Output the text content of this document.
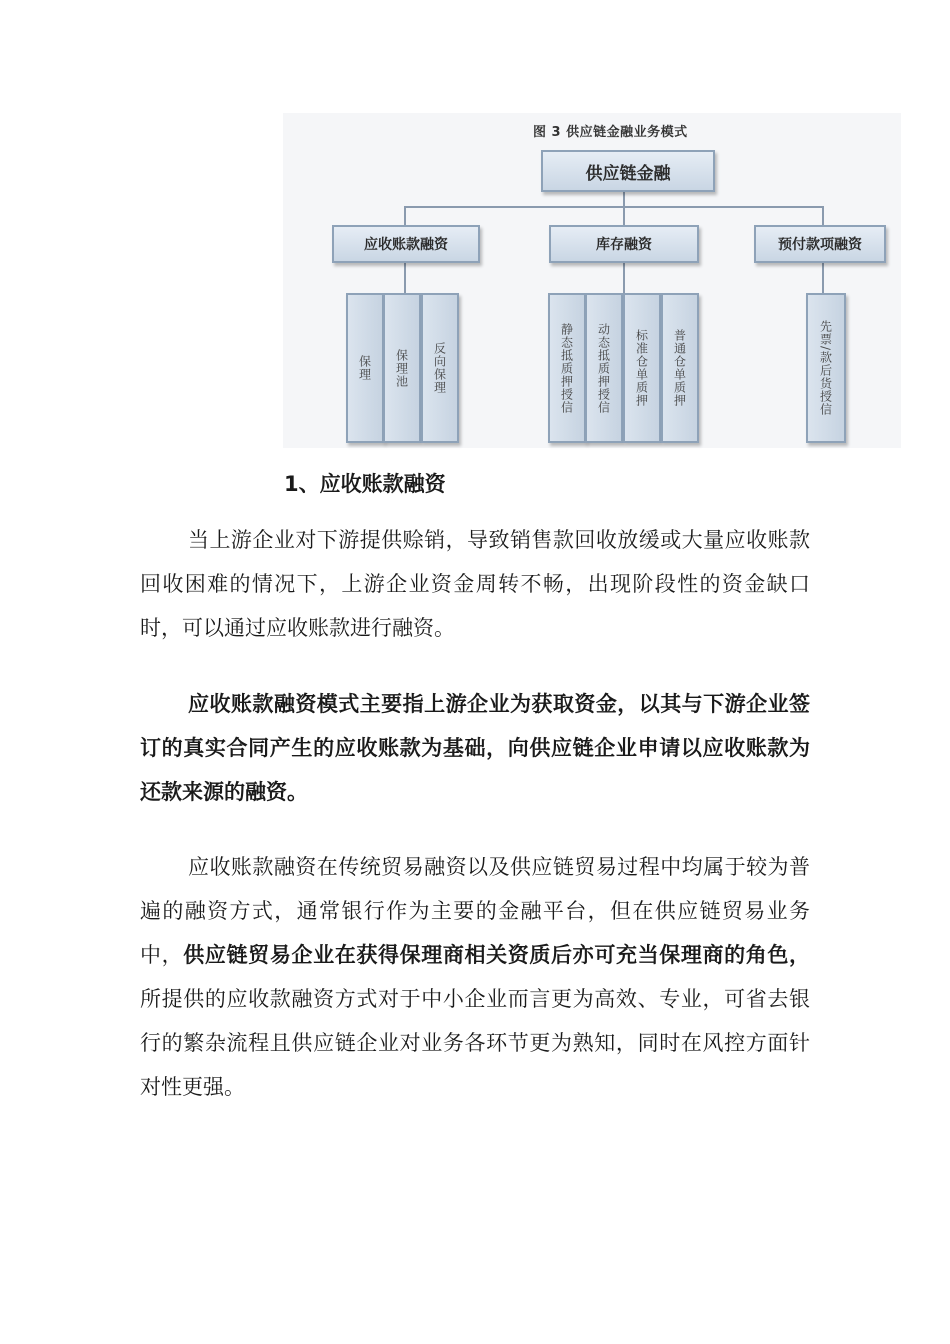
图 3 供应链金融业务模式
供应链金融
应收账款融资	库存融资	预付款项融资
保理 保理池 反向保理	静态抵质押授信 动态抵质押授信 标准仓单质押 普通仓单质押	先票/款后货授信
1、应收账款融资

当上游企业对下游提供赊销，导致销售款回收放缓或大量应收账款回收困难的情况下，上游企业资金周转不畅，出现阶段性的资金缺口时，可以通过应收账款进行融资。

应收账款融资模式主要指上游企业为获取资金，以其与下游企业签订的真实合同产生的应收账款为基础，向供应链企业申请以应收账款为还款来源的融资。

应收账款融资在传统贸易融资以及供应链贸易过程中均属于较为普遍的融资方式，通常银行作为主要的金融平台，但在供应链贸易业务中，供应链贸易企业在获得保理商相关资质后亦可充当保理商的角色，所提供的应收款融资方式对于中小企业而言更为高效、专业，可省去银行的繁杂流程且供应链企业对业务各环节更为熟知，同时在风控方面针对性更强。
